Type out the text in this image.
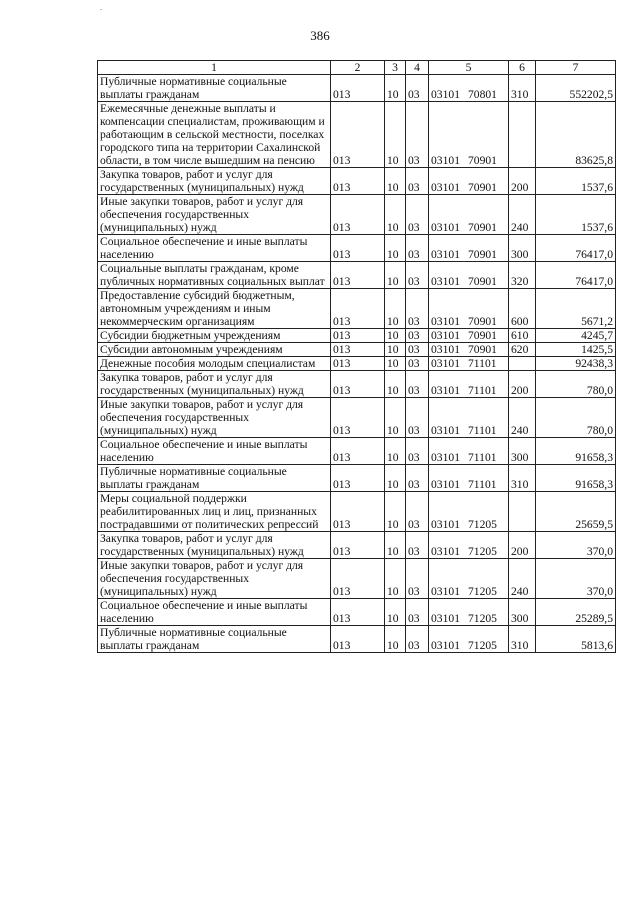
.
386
1	2	3	4	5	6	7
Публичные нормативные социальные выплаты гражданам	013	10	03	03101 70801	310	552202,5
Ежемесячные денежные выплаты и компенсации специалистам, проживающим и работающим в сельской местности, поселках городского типа на территории Сахалинской области, в том числе вышедшим на пенсию	013	10	03	03101 70901		83625,8
Закупка товаров, работ и услуг для государственных (муниципальных) нужд	013	10	03	03101 70901	200	1537,6
Иные закупки товаров, работ и услуг для обеспечения государственных (муниципальных) нужд	013	10	03	03101 70901	240	1537,6
Социальное обеспечение и иные выплаты населению	013	10	03	03101 70901	300	76417,0
Социальные выплаты гражданам, кроме публичных нормативных социальных выплат	013	10	03	03101 70901	320	76417,0
Предоставление субсидий бюджетным, автономным учреждениям и иным некоммерческим организациям	013	10	03	03101 70901	600	5671,2
Субсидии бюджетным учреждениям	013	10	03	03101 70901	610	4245,7
Субсидии автономным учреждениям	013	10	03	03101 70901	620	1425,5
Денежные пособия молодым специалистам	013	10	03	03101 71101		92438,3
Закупка товаров, работ и услуг для государственных (муниципальных) нужд	013	10	03	03101 71101	200	780,0
Иные закупки товаров, работ и услуг для обеспечения государственных (муниципальных) нужд	013	10	03	03101 71101	240	780,0
Социальное обеспечение и иные выплаты населению	013	10	03	03101 71101	300	91658,3
Публичные нормативные социальные выплаты гражданам	013	10	03	03101 71101	310	91658,3
Меры социальной поддержки реабилитированных лиц и лиц, признанных пострадавшими от политических репрессий	013	10	03	03101 71205		25659,5
Закупка товаров, работ и услуг для государственных (муниципальных) нужд	013	10	03	03101 71205	200	370,0
Иные закупки товаров, работ и услуг для обеспечения государственных (муниципальных) нужд	013	10	03	03101 71205	240	370,0
Социальное обеспечение и иные выплаты населению	013	10	03	03101 71205	300	25289,5
Публичные нормативные социальные выплаты гражданам	013	10	03	03101 71205	310	5813,6
